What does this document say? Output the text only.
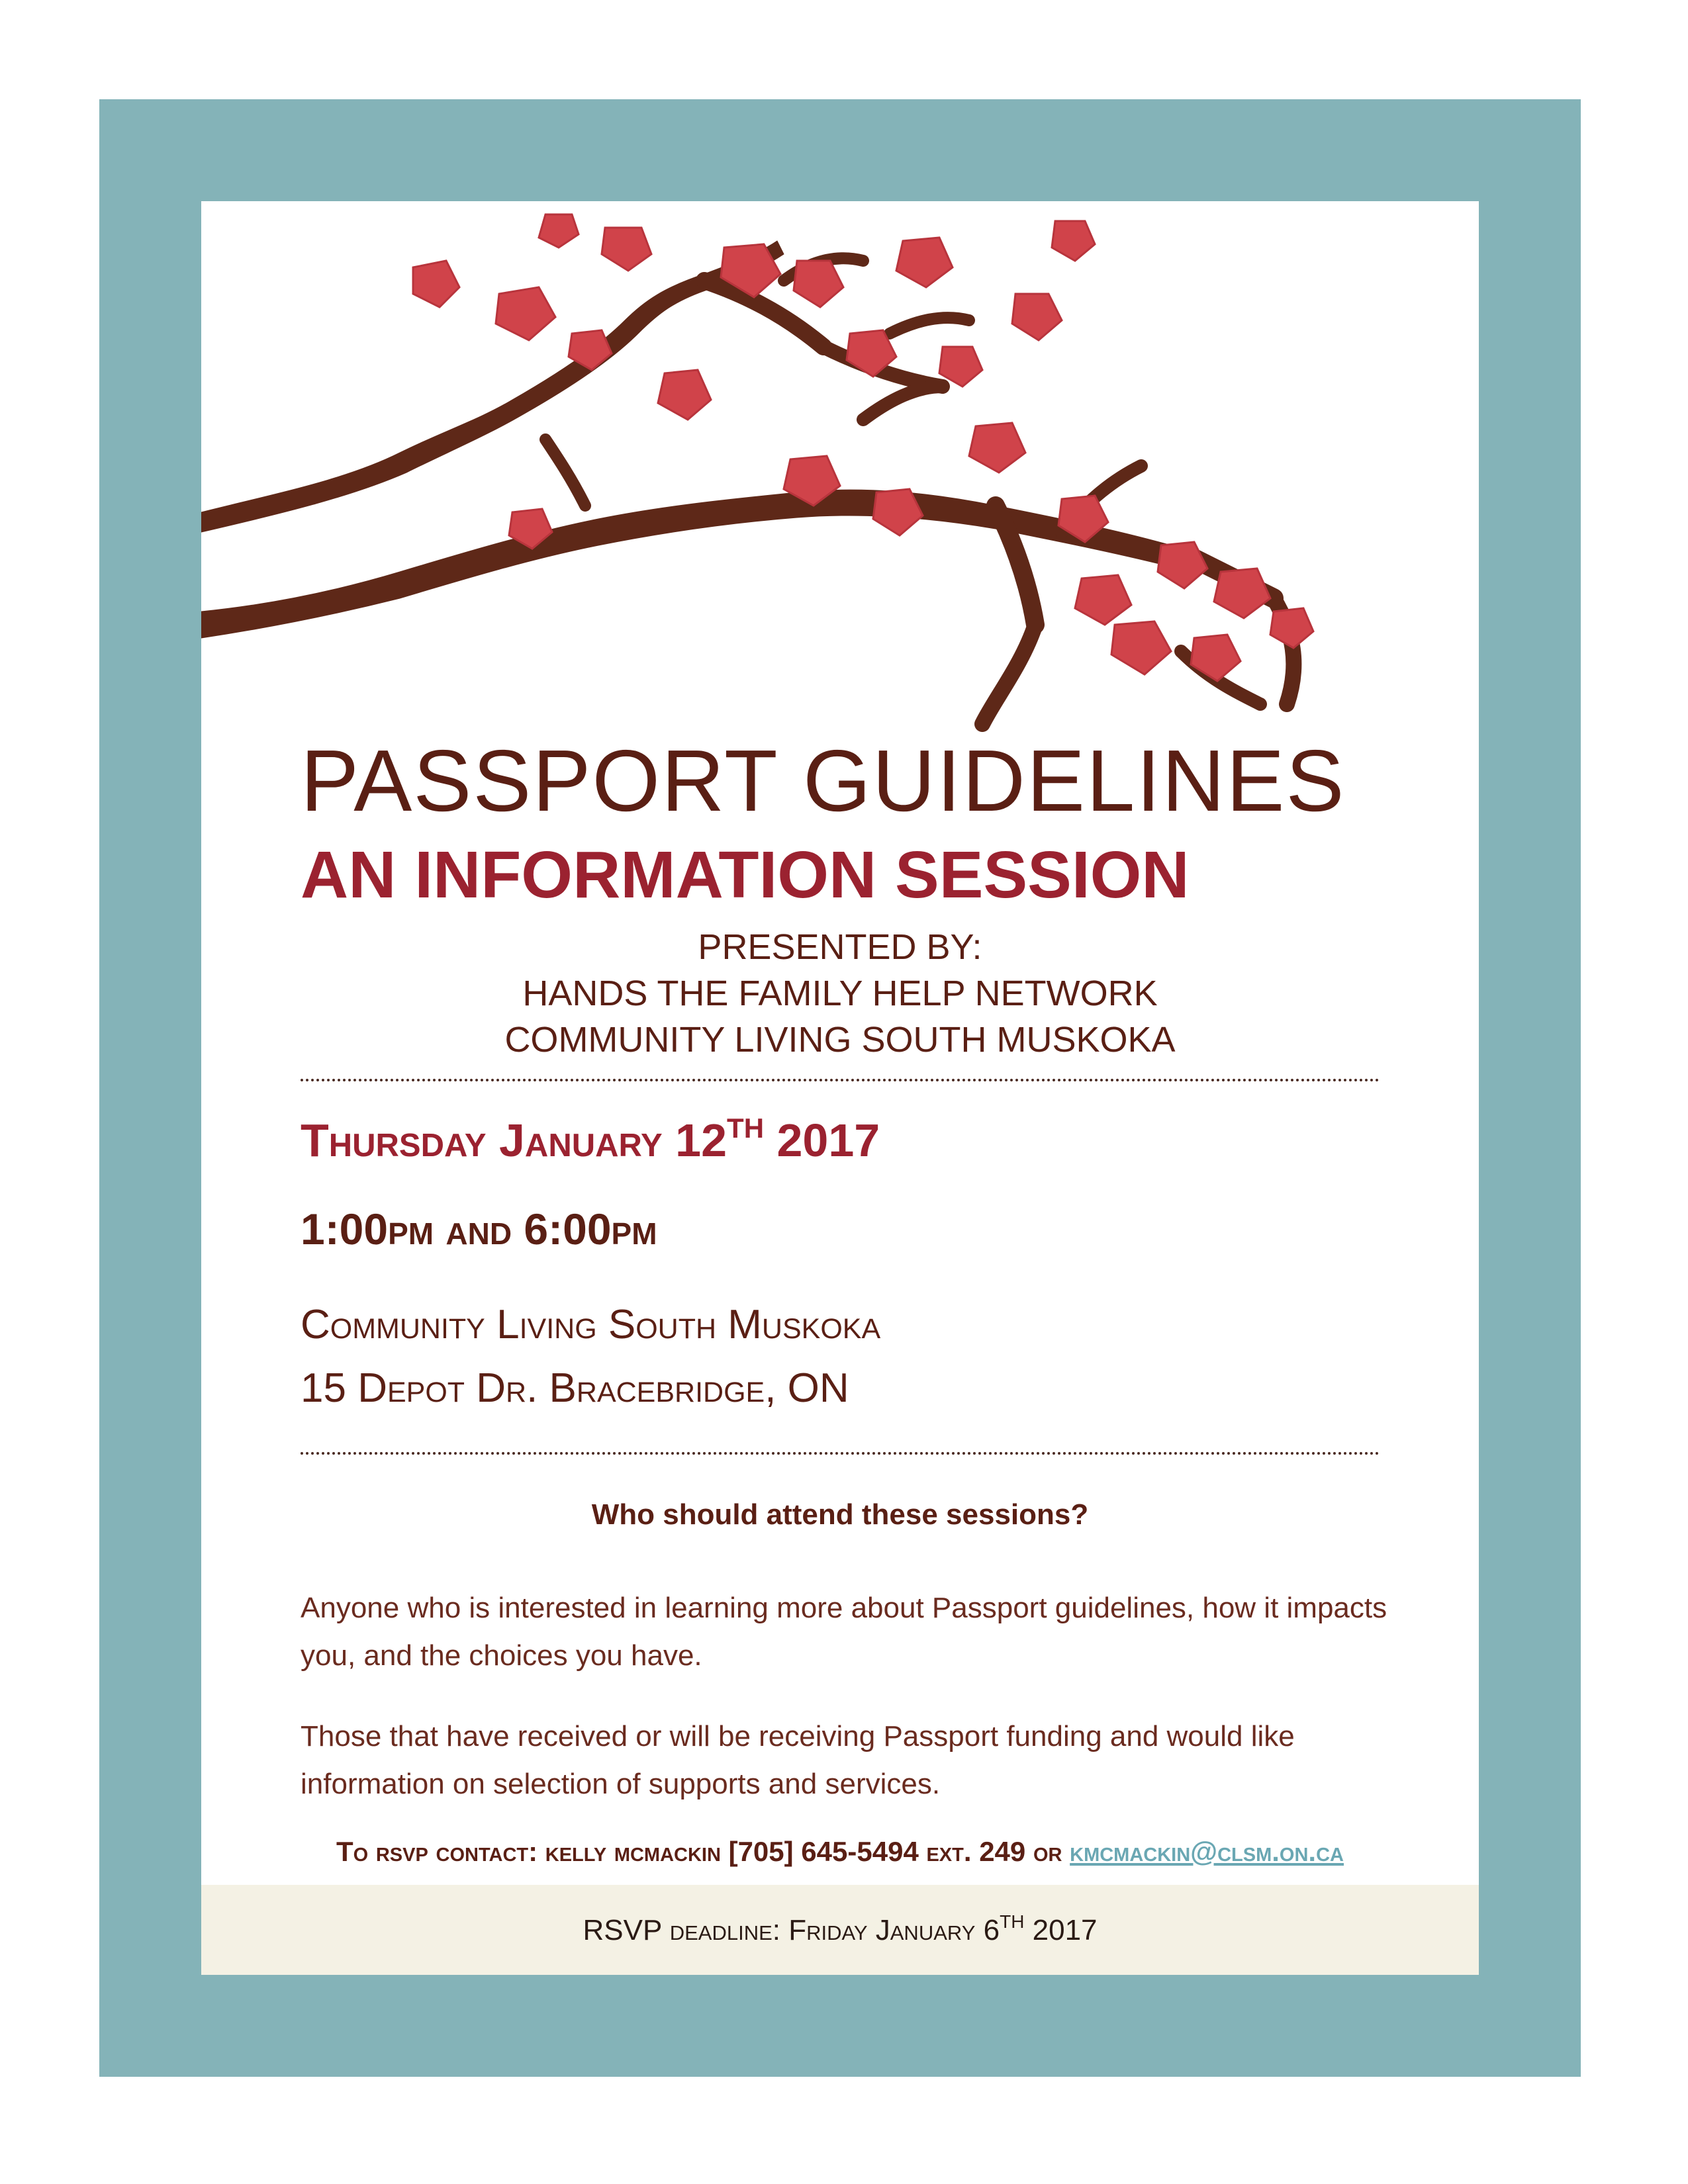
PASSPORT GUIDELINES
AN INFORMATION SESSION
PRESENTED BY:
HANDS THE FAMILY HELP NETWORK
COMMUNITY LIVING SOUTH MUSKOKA
Thursday January 12TH 2017
1:00pm and 6:00pm
Community Living South Muskoka
15 Depot Dr. Bracebridge, ON
Who should attend these sessions?
Anyone who is interested in learning more about Passport guidelines, how it impacts you, and the choices you have.
Those that have received or will be receiving Passport funding and would like information on selection of supports and services.
To rsvp contact: kelly mcmackin [705] 645-5494 ext. 249 or kmcmackin@clsm.on.ca
RSVP deadline: Friday January 6TH 2017
